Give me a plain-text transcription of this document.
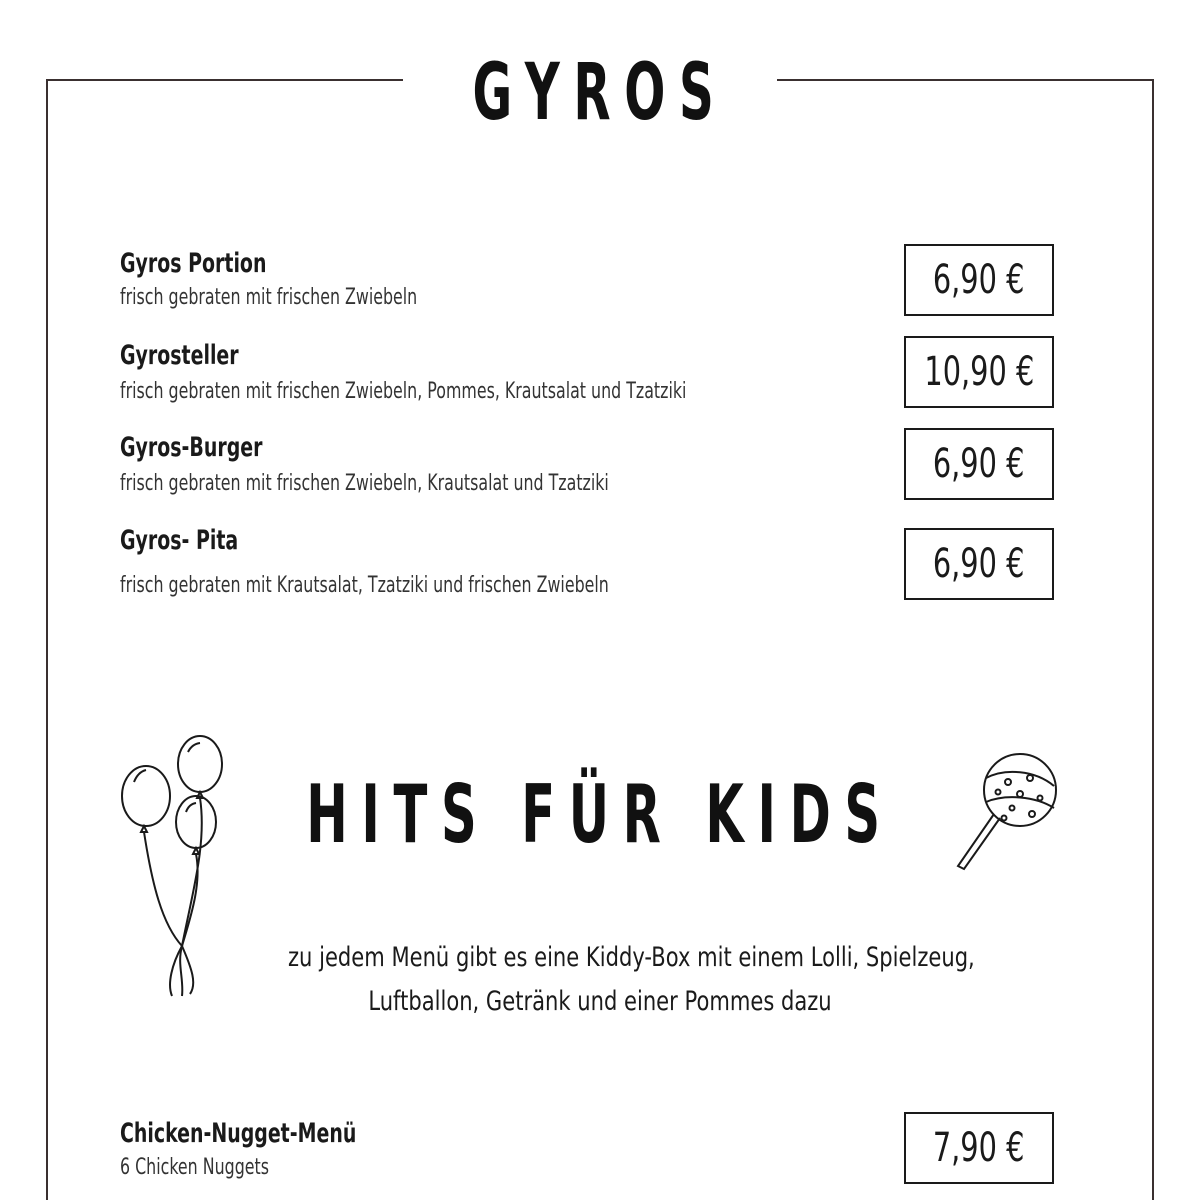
GYROS
Gyros Portion
frisch gebraten mit frischen Zwiebeln	6,90 €
Gyrosteller
frisch gebraten mit frischen Zwiebeln, Pommes, Krautsalat und Tzatziki	10,90 €
Gyros-Burger
frisch gebraten mit frischen Zwiebeln, Krautsalat und Tzatziki	6,90 €
Gyros- Pita
frisch gebraten mit Krautsalat, Tzatziki und frischen Zwiebeln	6,90 €
HITS FÜR KIDS
zu jedem Menü gibt es eine Kiddy-Box mit einem Lolli, Spielzeug,
Luftballon, Getränk und einer Pommes dazu
Chicken-Nugget-Menü
6 Chicken Nuggets	7,90 €
